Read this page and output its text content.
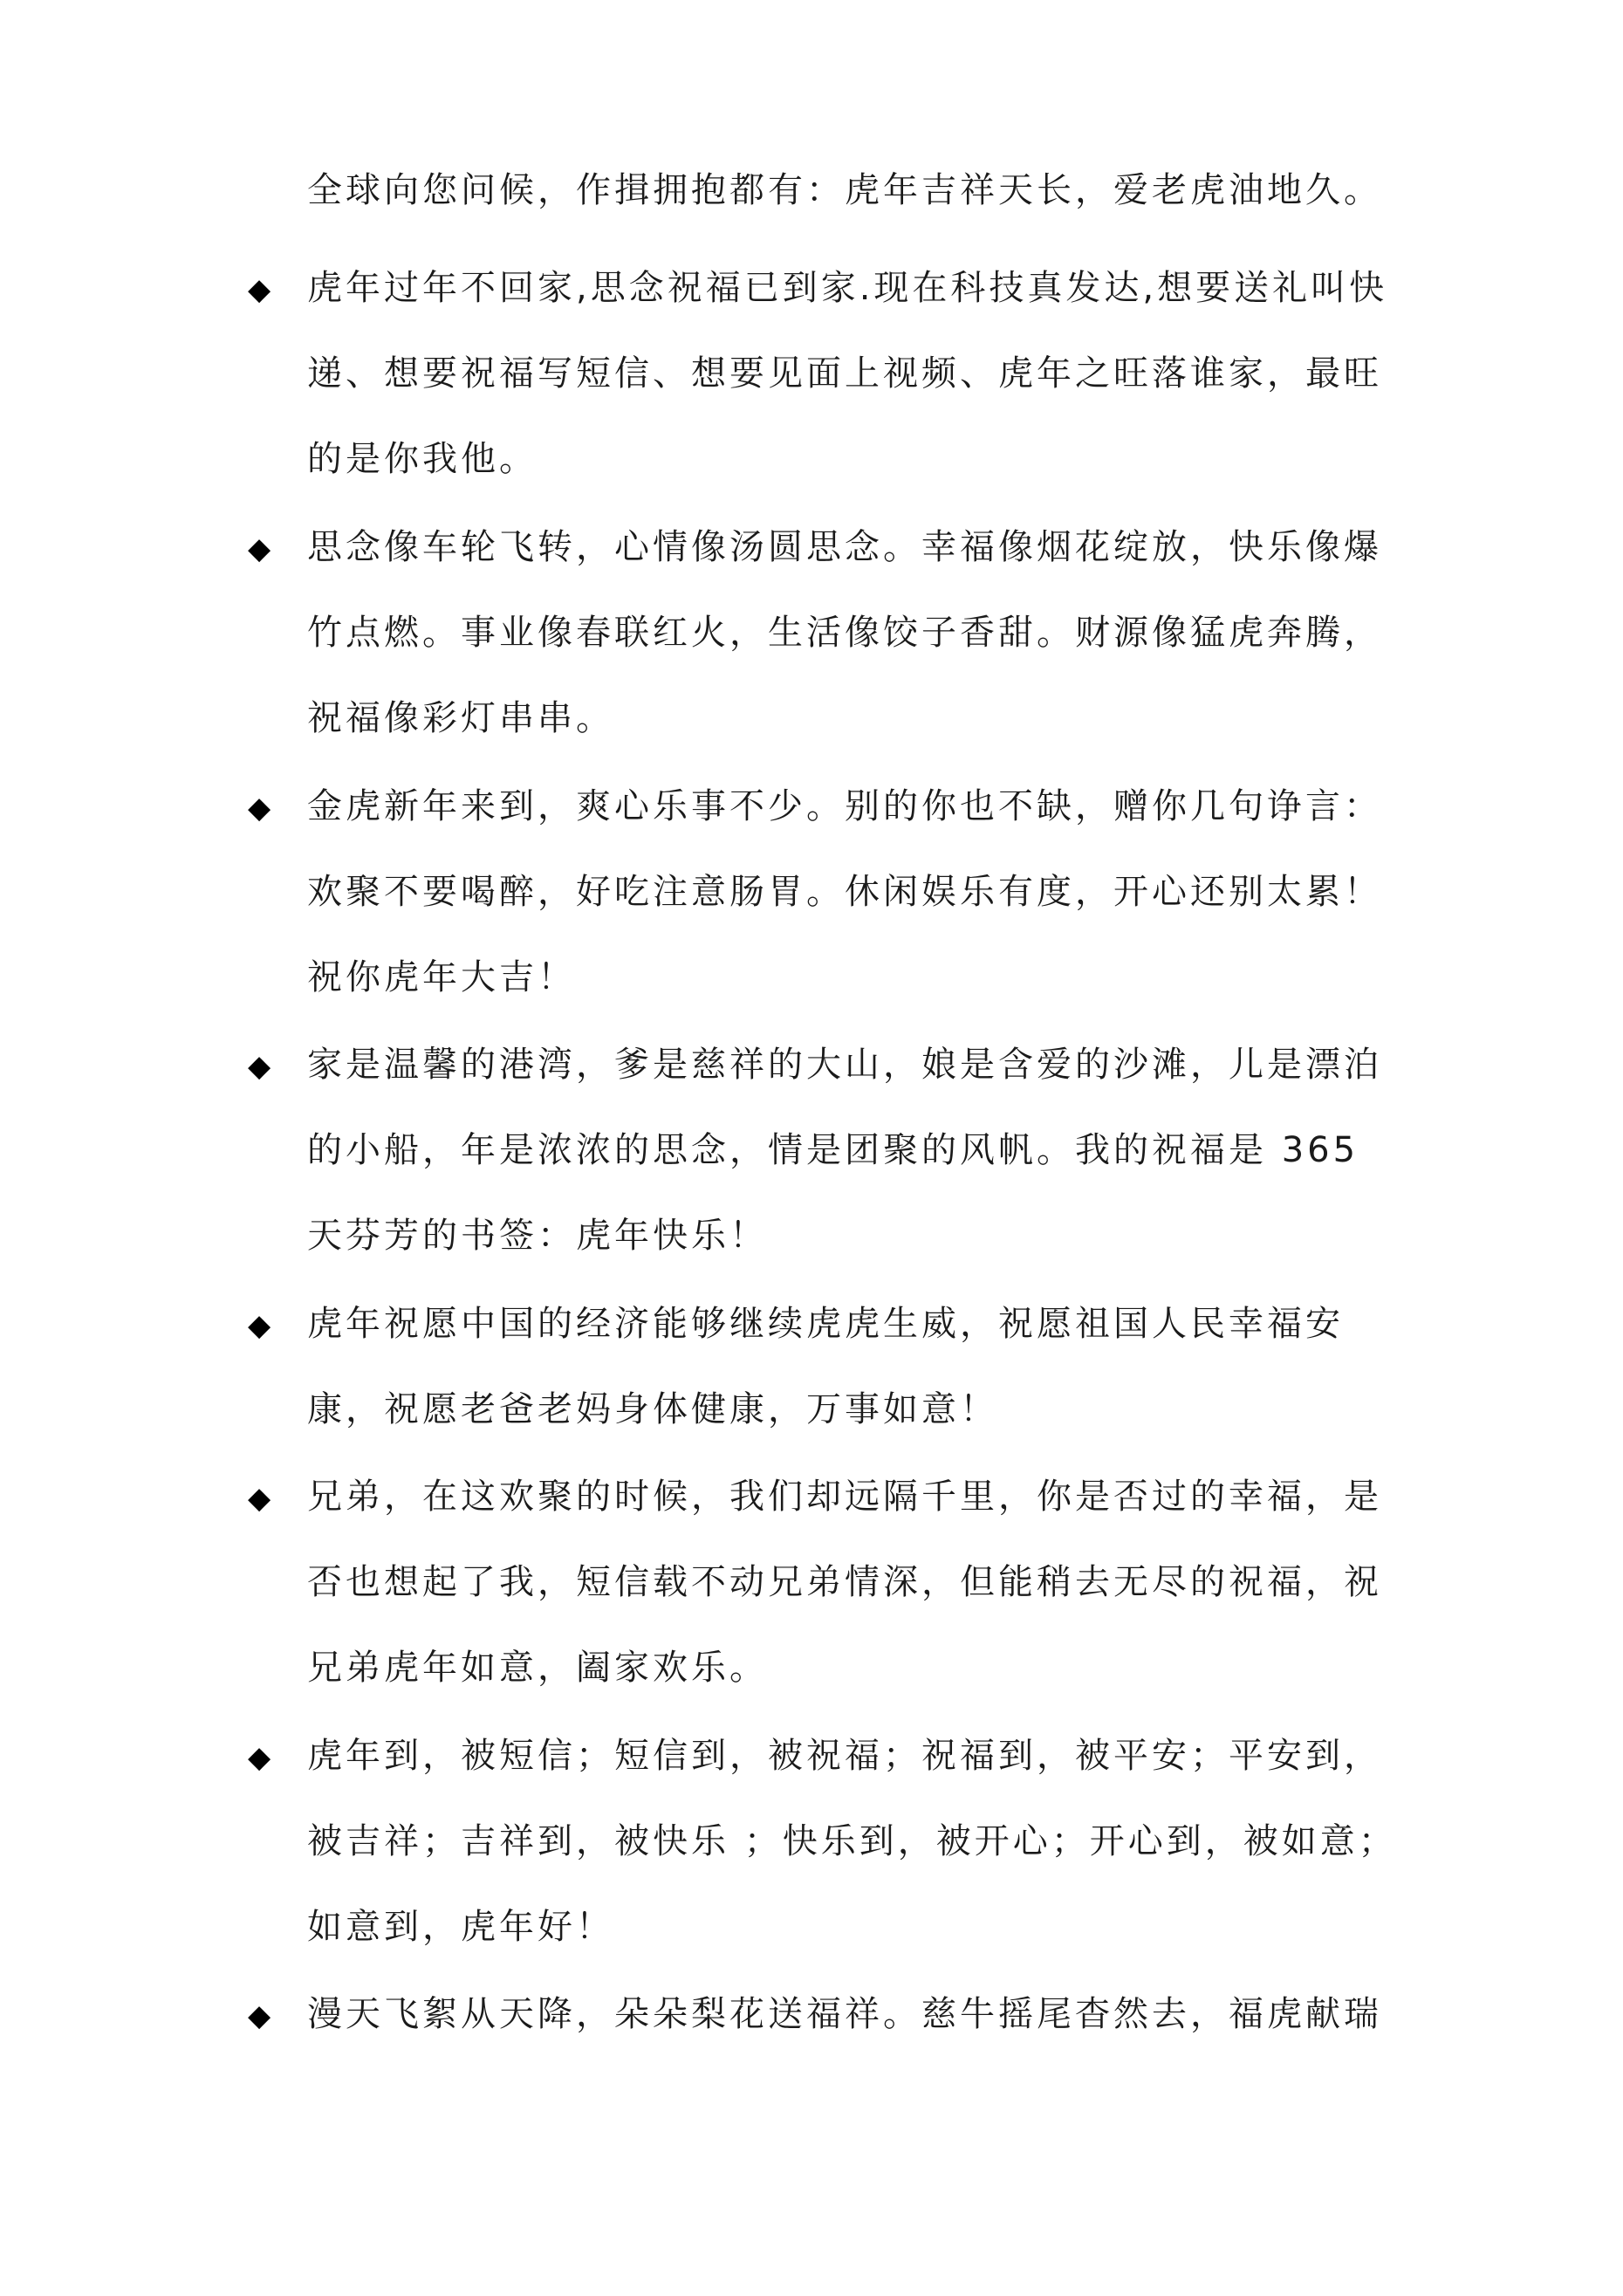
全球向您问候，作揖拥抱都有：虎年吉祥天长，爱老虎油地久。
◆ 虎年过年不回家,思念祝福已到家.现在科技真发达,想要送礼叫快递、想要祝福写短信、想要见面上视频、虎年之旺落谁家，最旺的是你我他。
◆ 思念像车轮飞转，心情像汤圆思念。幸福像烟花绽放，快乐像爆竹点燃。事业像春联红火，生活像饺子香甜。财源像猛虎奔腾，祝福像彩灯串串。
◆ 金虎新年来到，爽心乐事不少。别的你也不缺，赠你几句诤言：欢聚不要喝醉，好吃注意肠胃。休闲娱乐有度，开心还别太累！祝你虎年大吉！
◆ 家是温馨的港湾，爹是慈祥的大山，娘是含爱的沙滩，儿是漂泊的小船，年是浓浓的思念，情是团聚的风帆。我的祝福是 365 天芬芳的书签：虎年快乐！
◆ 虎年祝愿中国的经济能够继续虎虎生威，祝愿祖国人民幸福安康，祝愿老爸老妈身体健康，万事如意！
◆ 兄弟，在这欢聚的时候，我们却远隔千里，你是否过的幸福，是否也想起了我，短信载不动兄弟情深，但能稍去无尽的祝福，祝兄弟虎年如意，阖家欢乐。
◆ 虎年到，被短信；短信到，被祝福；祝福到，被平安；平安到，被吉祥；吉祥到，被快乐 ；快乐到，被开心；开心到，被如意；如意到，虎年好！
◆ 漫天飞絮从天降，朵朵梨花送福祥。慈牛摇尾杳然去，福虎献瑞
